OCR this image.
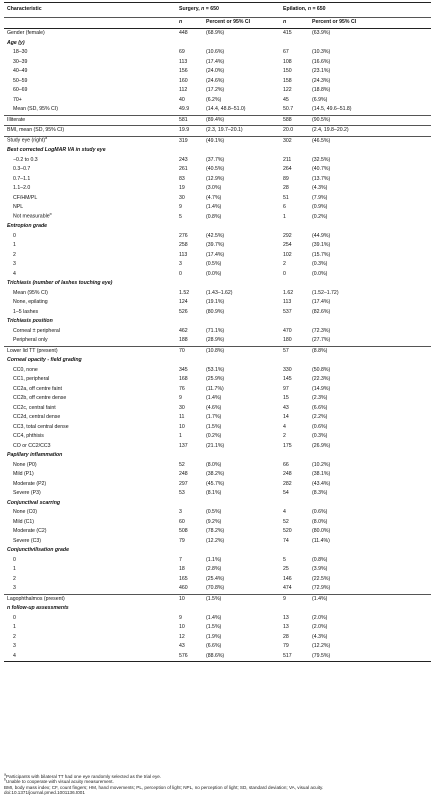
Characteristic	Surgery, n = 650		Epilation, n = 650	
	n	Percent or 95% CI	n	Percent or 95% CI
Gender (female)	448	(68.9%)	415	(63.9%)
Age (y)				
18–30	69	(10.6%)	67	(10.3%)
30–39	113	(17.4%)	108	(16.6%)
40–49	156	(24.0%)	150	(23.1%)
50–59	160	(24.6%)	158	(24.3%)
60–69	112	(17.2%)	122	(18.8%)
70+	40	(6.2%)	45	(6.9%)
Mean (SD, 95% CI)	49.9	(14.4, 48.8–51.0)	50.7	(14.5, 49.6–51.8)
Illiterate	581	(89.4%)	588	(90.5%)
BMI, mean (SD, 95% CI)	19.9	(2.3, 19.7–20.1)	20.0	(2.4, 19.8–20.2)
Study eye (right)$^a$	319	(49.1%)	302	(46.5%)
Best corrected LogMAR VA in study eye				
−0.2 to 0.3	243	(37.7%)	211	(32.5%)
0.3–0.7	261	(40.5%)	264	(40.7%)
0.7–1.1	83	(12.9%)	89	(13.7%)
1.1–2.0	19	(3.0%)	28	(4.3%)
CF/HM/PL	30	(4.7%)	51	(7.9%)
NPL	9	(1.4%)	6	(0.9%)
Not measurable$^b$	5	(0.8%)	1	(0.2%)
Entropion grade				
0	276	(42.5%)	292	(44.9%)
1	258	(39.7%)	254	(39.1%)
2	113	(17.4%)	102	(15.7%)
3	3	(0.5%)	2	(0.3%)
4	0	(0.0%)	0	(0.0%)
Trichiasis (number of lashes touching eye)				
Mean (95% CI)	1.52	(1.43–1.62)	1.62	(1.52–1.72)
None, epilating	124	(19.1%)	113	(17.4%)
1–5 lashes	526	(80.9%)	537	(82.6%)
Trichiasis position				
Corneal ± peripheral	462	(71.1%)	470	(72.3%)
Peripheral only	188	(28.9%)	180	(27.7%)
Lower lid TT (present)	70	(10.8%)	57	(8.8%)
Corneal opacity - field grading				
CC0, none	345	(53.1%)	330	(50.8%)
CC1, peripheral	168	(25.9%)	145	(22.3%)
CC2a, off centre faint	76	(11.7%)	97	(14.9%)
CC2b, off centre dense	9	(1.4%)	15	(2.3%)
CC2c, central faint	30	(4.6%)	43	(6.6%)
CC2d, central dense	11	(1.7%)	14	(2.2%)
CC3, total central dense	10	(1.5%)	4	(0.6%)
CC4, phthisis	1	(0.2%)	2	(0.3%)
CO or CC2/CC3	137	(21.1%)	175	(26.9%)
Papillary inflammation				
None (P0)	52	(8.0%)	66	(10.2%)
Mild (P1)	248	(38.2%)	248	(38.1%)
Moderate (P2)	297	(45.7%)	282	(43.4%)
Severe (P3)	53	(8.1%)	54	(8.3%)
Conjunctival scarring				
None (C0)	3	(0.5%)	4	(0.6%)
Mild (C1)	60	(9.2%)	52	(8.0%)
Moderate (C2)	508	(78.2%)	520	(80.0%)
Severe (C3)	79	(12.2%)	74	(11.4%)
Conjunctivilisation grade				
0	7	(1.1%)	5	(0.8%)
1	18	(2.8%)	25	(3.9%)
2	165	(25.4%)	146	(22.5%)
3	460	(70.8%)	474	(72.9%)
Lagophthalmos (present)	10	(1.5%)	9	(1.4%)
n follow-up assessments				
0	9	(1.4%)	13	(2.0%)
1	10	(1.5%)	13	(2.0%)
2	12	(1.9%)	28	(4.3%)
3	43	(6.6%)	79	(12.2%)
4	576	(88.6%)	517	(79.5%)
$^a$Participants with bilateral TT had one eye randomly selected as the trial eye.
$^b$Unable to cooperate with visual acuity measurement.
BMI, body mass index; CF, count fingers; HM, hand movements; PL, perception of light; NPL, no perception of light; SD, standard deviation; VA, visual acuity.
doi:10.1371/journal.pmed.1001136.t001
